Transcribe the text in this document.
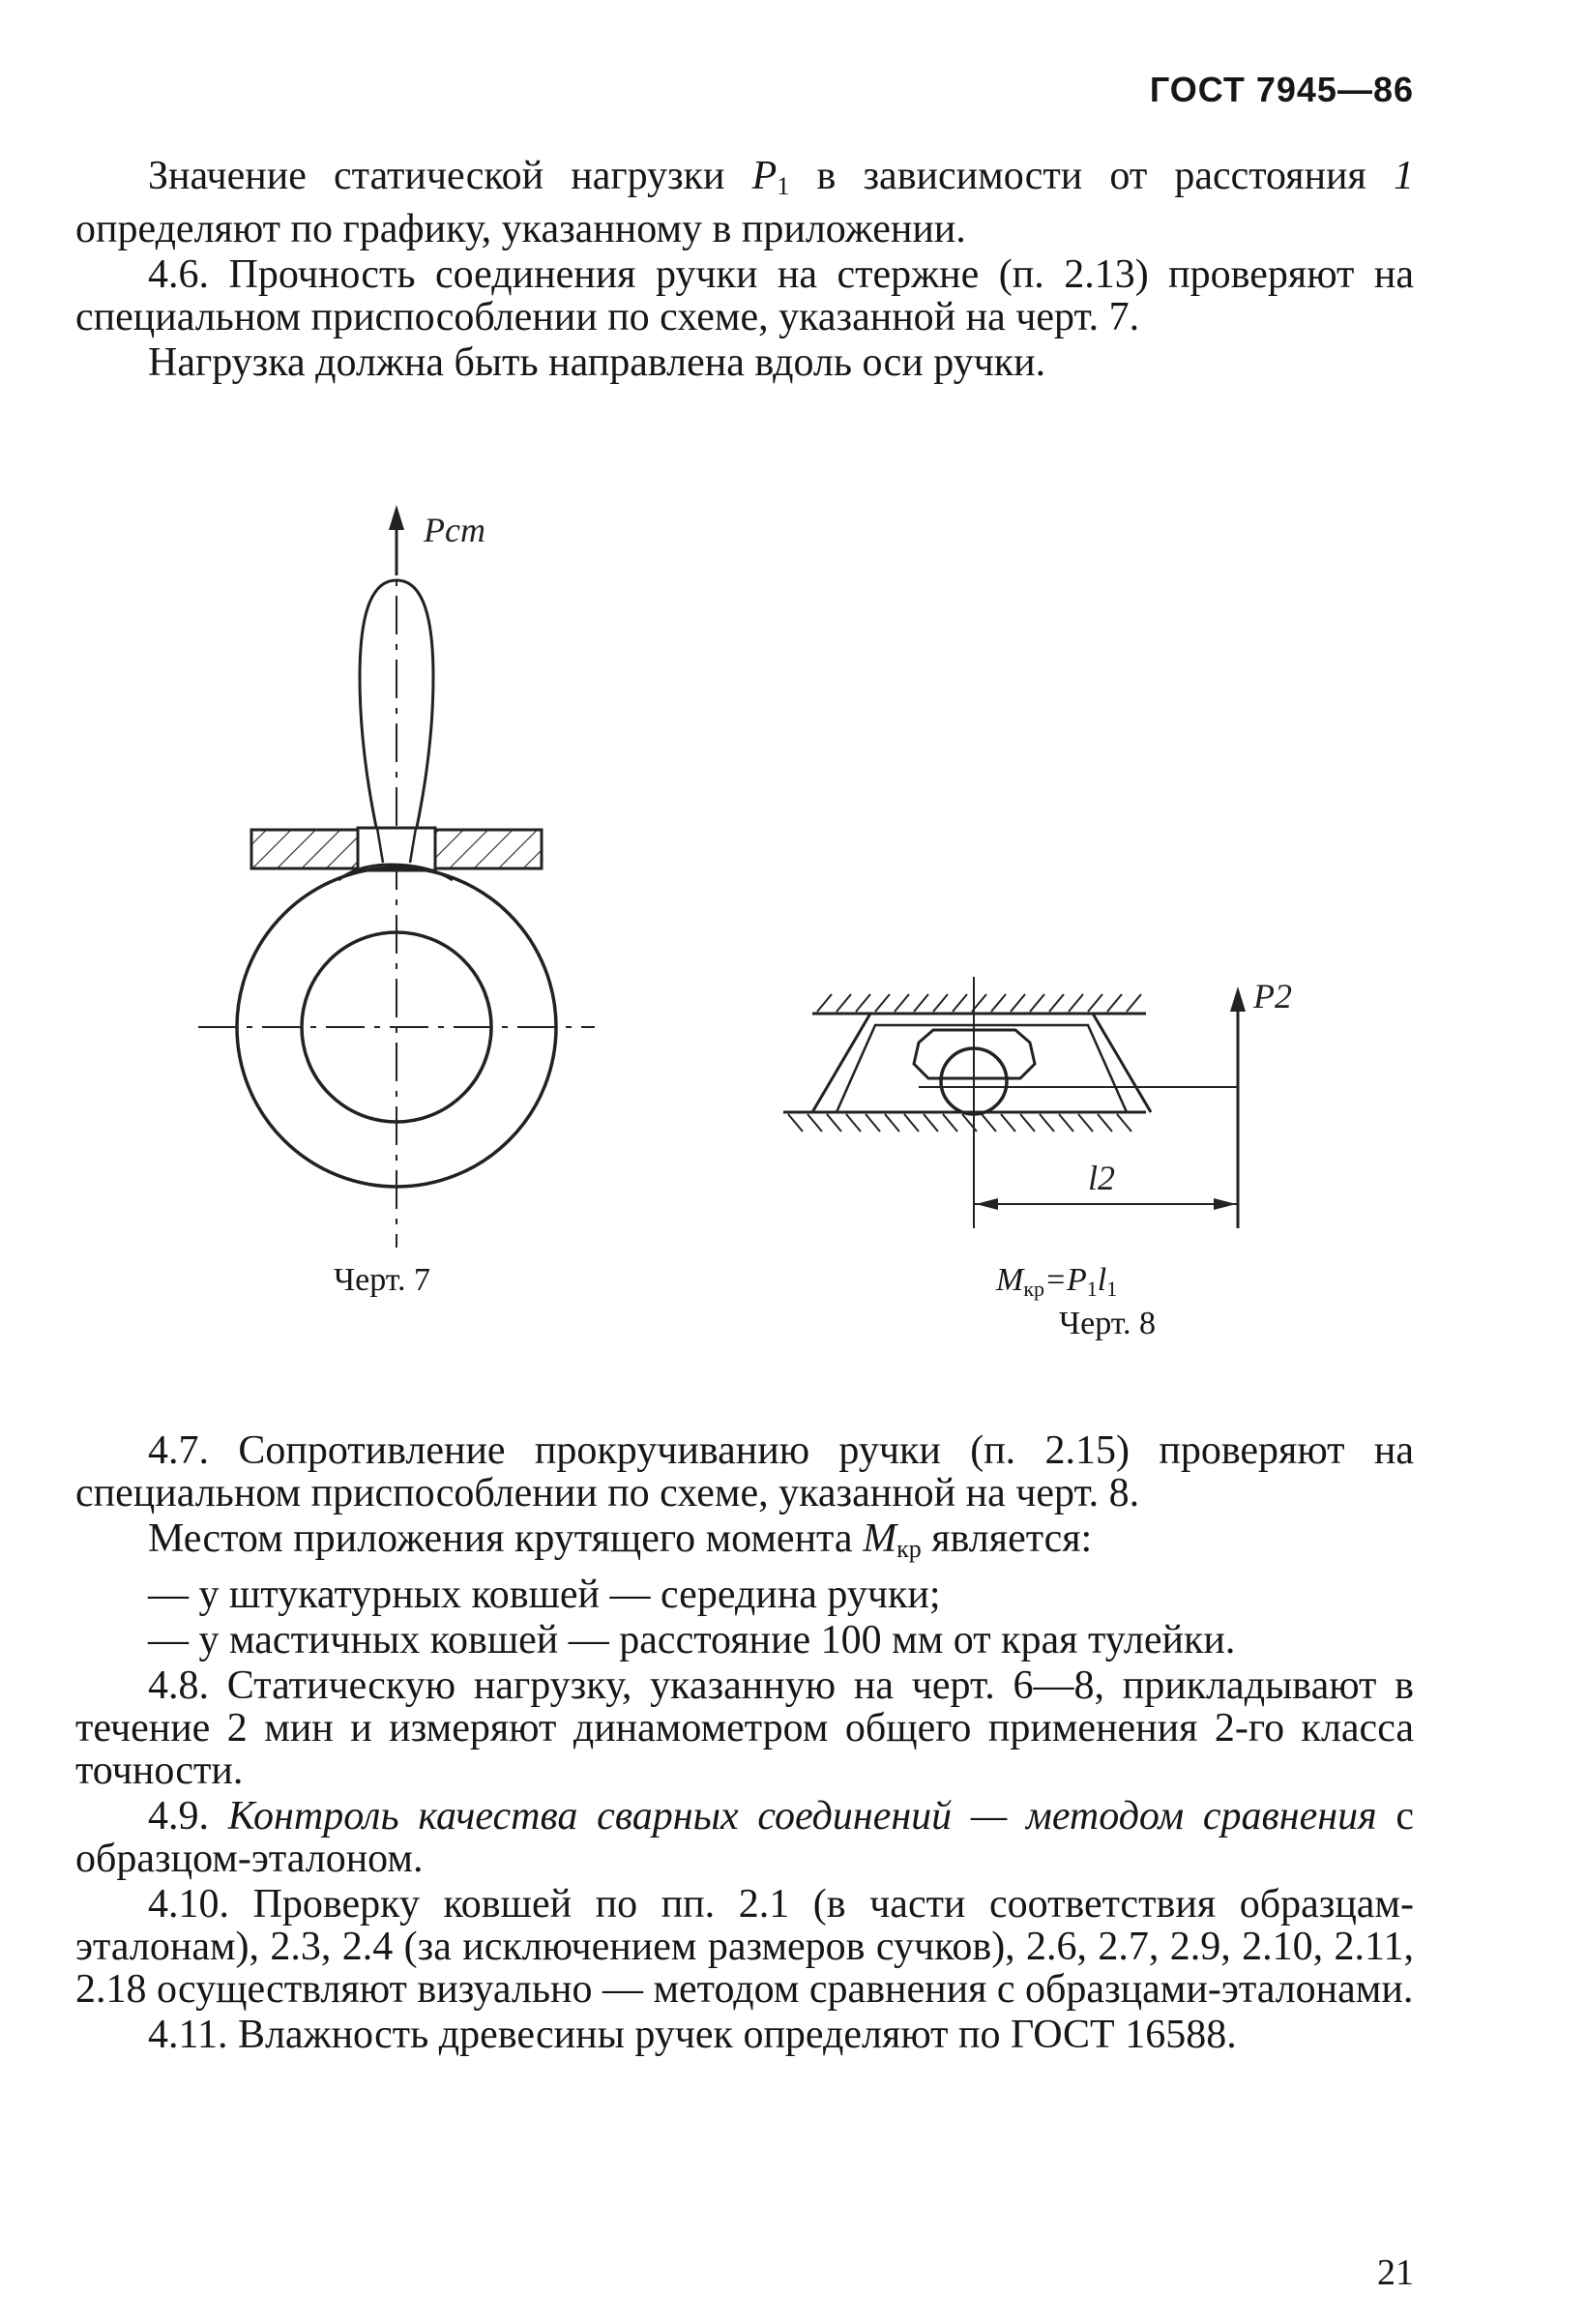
ГОСТ 7945—86

Значение статической нагрузки $P_1$ в зависимости от расстояния 1 определяют по графику, указанному в приложении.

4.6. Прочность соединения ручки на стержне (п. 2.13) проверяют на специальном приспособлении по схеме, указанной на черт. 7.

Нагрузка должна быть направлена вдоль оси ручки.

Pст
Черт. 7
P2
l2
Mкр=P1l1
Черт. 8

4.7. Сопротивление прокручиванию ручки (п. 2.15) проверяют на специальном приспособлении по схеме, указанной на черт. 8.

Местом приложения крутящего момента $M_{кр}$ является:

— у штукатурных ковшей — середина ручки;

— у мастичных ковшей — расстояние 100 мм от края тулейки.

4.8. Статическую нагрузку, указанную на черт. 6—8, прикладывают в течение 2 мин и измеряют динамометром общего применения 2-го класса точности.

4.9. Контроль качества сварных соединений — методом сравнения с образцом-эталоном.

4.10. Проверку ковшей по пп. 2.1 (в части соответствия образцам-эталонам), 2.3, 2.4 (за исключением размеров сучков), 2.6, 2.7, 2.9, 2.10, 2.11, 2.18 осуществляют визуально — методом сравнения с образцами-эталонами.

4.11. Влажность древесины ручек определяют по ГОСТ 16588.

21
